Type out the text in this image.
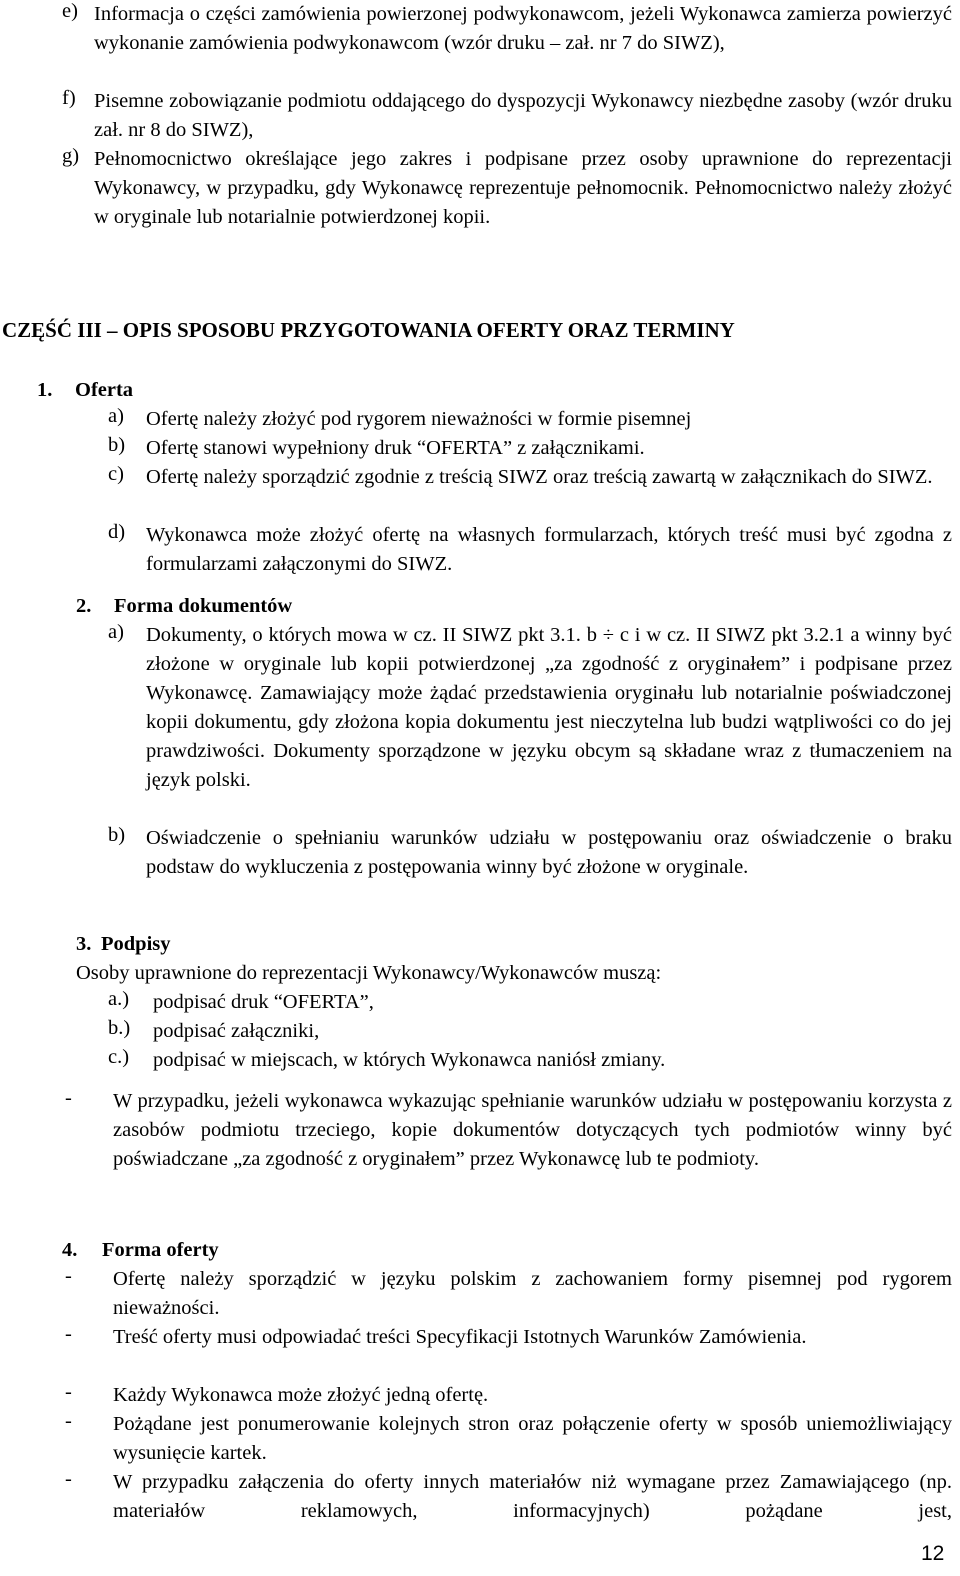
e) Informacja o części zamówienia powierzonej podwykonawcom, jeżeli Wykonawca zamierza powierzyć wykonanie zamówienia podwykonawcom (wzór druku – zał. nr 7 do SIWZ),
f) Pisemne zobowiązanie podmiotu oddającego do dyspozycji Wykonawcy niezbędne zasoby (wzór druku zał. nr 8 do SIWZ),
g) Pełnomocnictwo określające jego zakres i podpisane przez osoby uprawnione do reprezentacji Wykonawcy, w przypadku, gdy Wykonawcę reprezentuje pełnomocnik. Pełnomocnictwo należy złożyć w oryginale lub notarialnie potwierdzonej kopii.
CZĘŚĆ III – OPIS SPOSOBU PRZYGOTOWANIA OFERTY ORAZ TERMINY
1.	Oferta
a)	Ofertę należy złożyć pod rygorem nieważności w formie pisemnej
b)	Ofertę stanowi wypełniony druk “OFERTA” z załącznikami.
c)	Ofertę należy sporządzić zgodnie z treścią SIWZ oraz treścią zawartą w załącznikach do SIWZ.
d)	Wykonawca może złożyć ofertę na własnych formularzach, których treść musi być zgodna z formularzami załączonymi do SIWZ.
2.	Forma dokumentów
a)	Dokumenty, o których mowa w cz. II SIWZ pkt 3.1. b ÷ c i w cz. II SIWZ pkt 3.2.1 a winny być złożone w oryginale lub kopii potwierdzonej „za zgodność z oryginałem” i podpisane przez Wykonawcę. Zamawiający może żądać przedstawienia oryginału lub notarialnie poświadczonej kopii dokumentu, gdy złożona kopia dokumentu jest nieczytelna lub budzi wątpliwości co do jej prawdziwości. Dokumenty sporządzone w języku obcym są składane wraz z tłumaczeniem na język polski.
b)	Oświadczenie o spełnianiu warunków udziału w postępowaniu oraz oświadczenie o braku podstaw do wykluczenia z postępowania winny być złożone w oryginale.
3. Podpisy
Osoby uprawnione do reprezentacji Wykonawcy/Wykonawców muszą:
a.)	podpisać druk “OFERTA”,
b.)	podpisać załączniki,
c.)	podpisać w miejscach, w których Wykonawca naniósł zmiany.
-	W przypadku, jeżeli wykonawca wykazując spełnianie warunków udziału w postępowaniu korzysta z zasobów podmiotu trzeciego, kopie dokumentów dotyczących tych podmiotów winny być poświadczane „za zgodność z oryginałem” przez Wykonawcę lub te podmioty.
4.	Forma oferty
-	Ofertę należy sporządzić w języku polskim z zachowaniem formy pisemnej pod rygorem nieważności.
-	Treść oferty musi odpowiadać treści Specyfikacji Istotnych Warunków Zamówienia.
-	Każdy Wykonawca może złożyć jedną ofertę.
-	Pożądane jest ponumerowanie kolejnych stron oraz połączenie oferty w sposób uniemożliwiający wysunięcie kartek.
-	W przypadku załączenia do oferty innych materiałów niż wymagane przez Zamawiającego (np. materiałów reklamowych, informacyjnych) pożądane jest,
12
